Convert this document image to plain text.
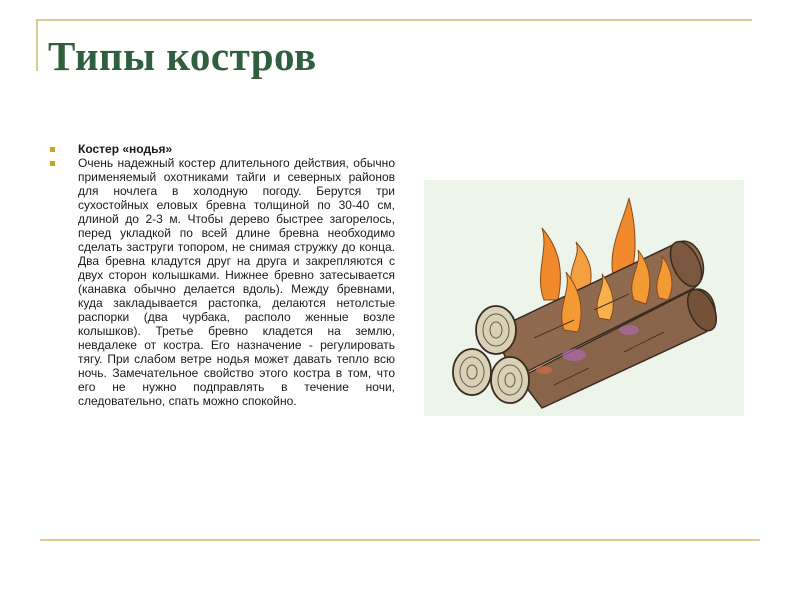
Типы костров
Костер «нодья»
Очень надежный костер длительного действия, обычно применяемый охотниками тайги и северных районов для ночлега в холодную погоду. Берутся три сухостойных еловых бревна толщиной по 30-40 см, длиной до 2-3 м. Чтобы дерево быстрее загорелось, перед укладкой по всей длине бревна необходимо сделать заструги топором, не снимая стружку до конца. Два бревна кладутся друг на друга и закрепляются с двух сторон колышками. Нижнее бревно затесывается (канавка обычно делается вдоль). Между бревнами, куда закладывается растопка, делаются нетолстые распорки (два чурбака, располо женные возле колышков). Третье бревно кладется на землю, невдалеке от костра. Его назначение - регулировать тягу. При слабом ветре нодья может давать тепло всю ночь. Замечательное свойство этого костра в том, что его не нужно подправлять в течение ночи, следовательно, спать можно спокойно.
